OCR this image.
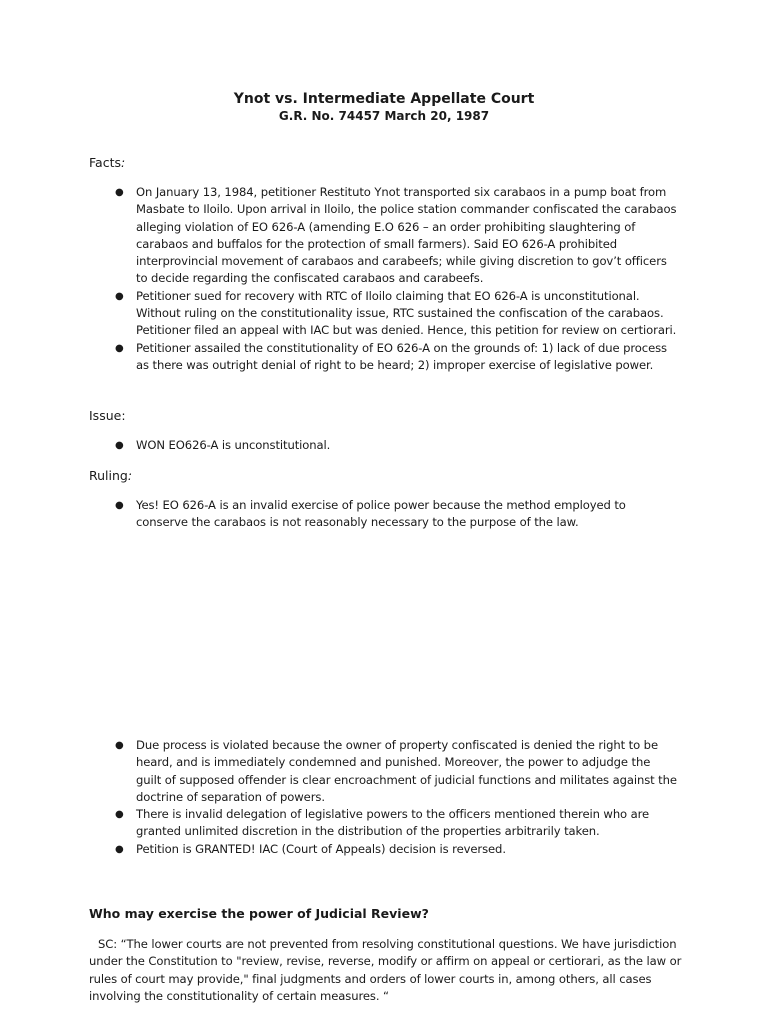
Ynot vs. Intermediate Appellate Court
G.R. No. 74457 March 20, 1987
Facts:
● On January 13, 1984, petitioner Restituto Ynot transported six carabaos in a pump boat from Masbate to Iloilo. Upon arrival in Iloilo, the police station commander confiscated the carabaos alleging violation of EO 626-A (amending E.O 626 – an order prohibiting slaughtering of carabaos and buffalos for the protection of small farmers). Said EO 626-A prohibited interprovincial movement of carabaos and carabeefs; while giving discretion to gov’t officers to decide regarding the confiscated carabaos and carabeefs.
● Petitioner sued for recovery with RTC of Iloilo claiming that EO 626-A is unconstitutional. Without ruling on the constitutionality issue, RTC sustained the confiscation of the carabaos. Petitioner filed an appeal with IAC but was denied. Hence, this petition for review on certiorari.
● Petitioner assailed the constitutionality of EO 626-A on the grounds of: 1) lack of due process as there was outright denial of right to be heard; 2) improper exercise of legislative power.
Issue:
● WON EO626-A is unconstitutional.
Ruling:
● Yes! EO 626-A is an invalid exercise of police power because the method employed to conserve the carabaos is not reasonably necessary to the purpose of the law.
● Due process is violated because the owner of property confiscated is denied the right to be heard, and is immediately condemned and punished. Moreover, the power to adjudge the guilt of supposed offender is clear encroachment of judicial functions and militates against the doctrine of separation of powers.
● There is invalid delegation of legislative powers to the officers mentioned therein who are granted unlimited discretion in the distribution of the properties arbitrarily taken.
● Petition is GRANTED! IAC (Court of Appeals) decision is reversed.
Who may exercise the power of Judicial Review?
SC: “The lower courts are not prevented from resolving constitutional questions. We have jurisdiction under the Constitution to "review, revise, reverse, modify or affirm on appeal or certiorari, as the law or rules of court may provide," final judgments and orders of lower courts in, among others, all cases involving the constitutionality of certain measures. “
